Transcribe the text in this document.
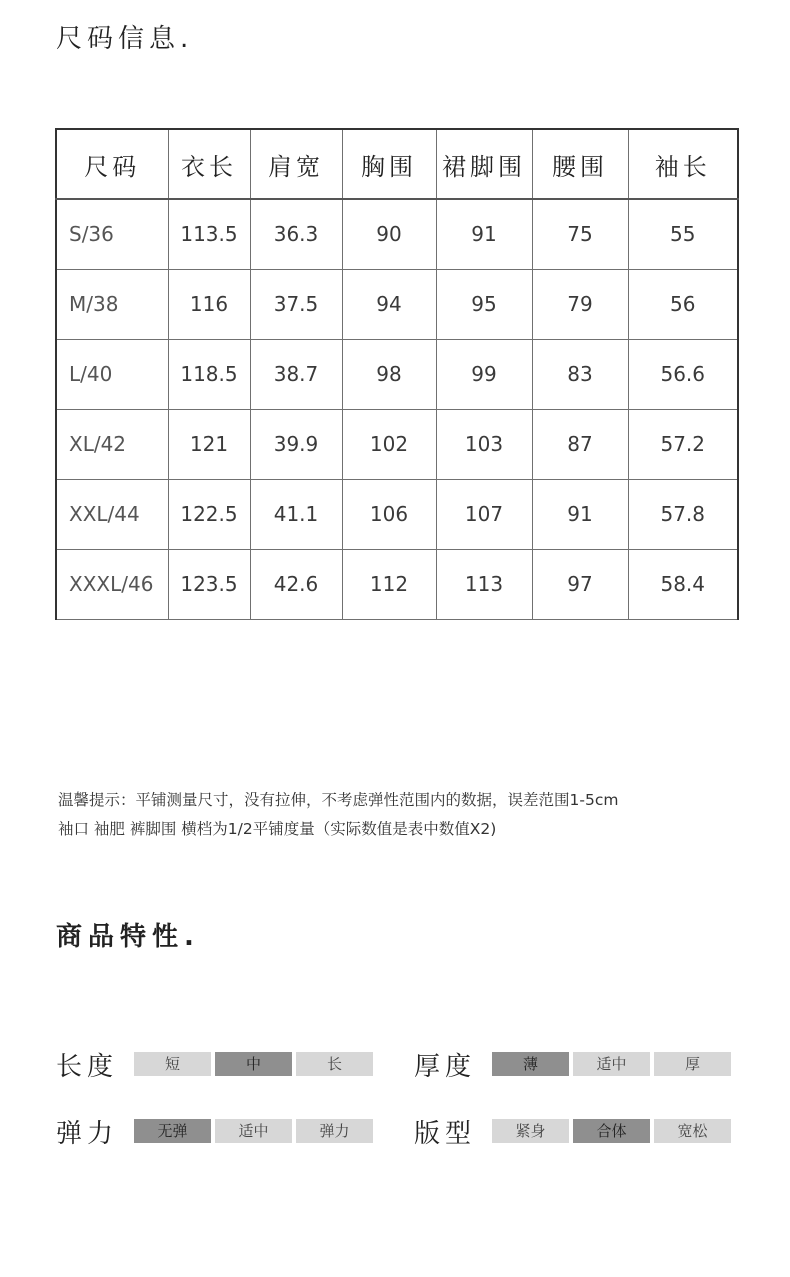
尺码信息.
尺码	衣长	肩宽	胸围	裙脚围	腰围	袖长
S/36	113.5	36.3	90	91	75	55
M/38	116	37.5	94	95	79	56
L/40	118.5	38.7	98	99	83	56.6
XL/42	121	39.9	102	103	87	57.2
XXL/44	122.5	41.1	106	107	91	57.8
XXXL/46	123.5	42.6	112	113	97	58.4
温馨提示：平铺测量尺寸，没有拉伸，不考虑弹性范围内的数据，误差范围1-5cm
袖口 袖肥 裤脚围 横档为1/2平铺度量（实际数值是表中数值X2)
商品特性.
长度	短	中	长	厚度	薄	适中	厚
弹力	无弹	适中	弹力	版型	紧身	合体	宽松
